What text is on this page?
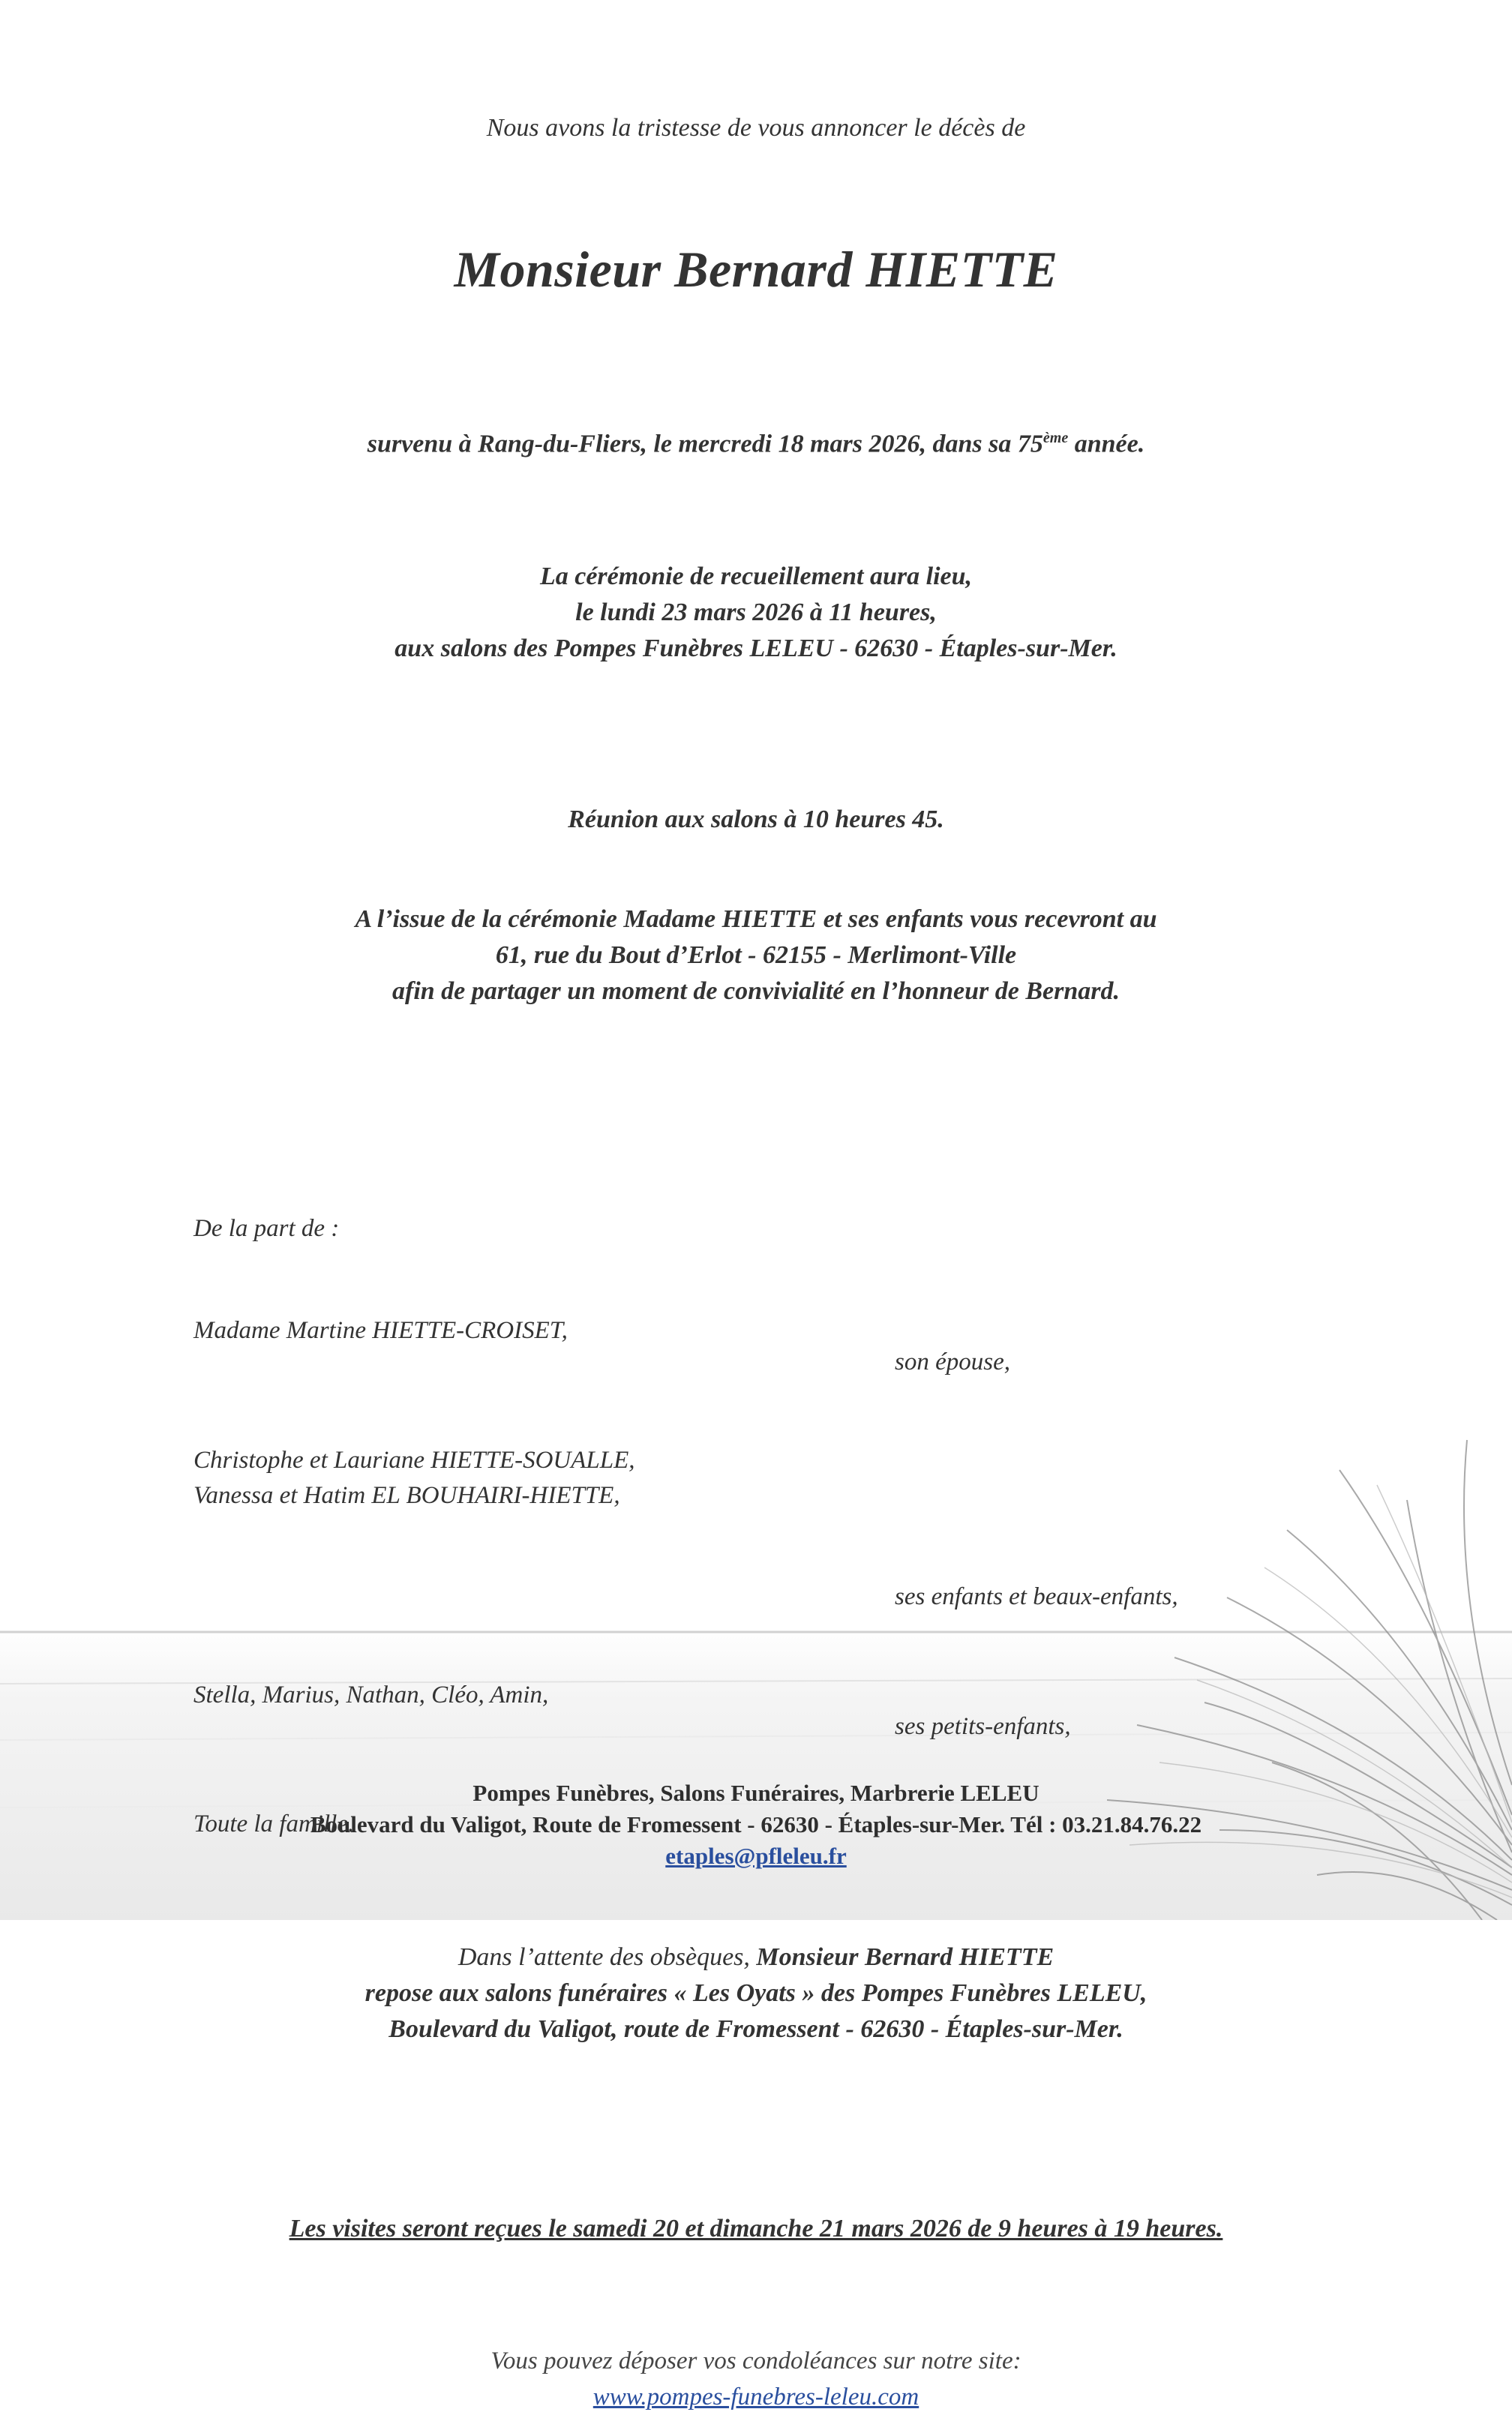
Nous avons la tristesse de vous annoncer le décès de
Monsieur Bernard HIETTE
survenu à Rang-du-Fliers, le mercredi 18 mars 2026, dans sa 75ème année.
La cérémonie de recueillement aura lieu,
le lundi 23 mars 2026 à 11 heures,
aux salons des Pompes Funèbres LELEU - 62630 - Étaples-sur-Mer.
Réunion aux salons à 10 heures 45.
A l’issue de la cérémonie Madame HIETTE et ses enfants vous recevront au
61, rue du Bout d’Erlot - 62155 - Merlimont-Ville
afin de partager un moment de convivialité en l’honneur de Bernard.
De la part de :
Madame Martine HIETTE-CROISET,
son épouse,
Christophe et Lauriane HIETTE-SOUALLE,
Vanessa et Hatim EL BOUHAIRI-HIETTE,
ses enfants et beaux-enfants,
Stella, Marius, Nathan, Cléo, Amin,
ses petits-enfants,
Toute la famille.
Dans l’attente des obsèques, Monsieur Bernard HIETTE
repose aux salons funéraires « Les Oyats » des Pompes Funèbres LELEU,
Boulevard du Valigot, route de Fromessent - 62630 - Étaples-sur-Mer.
Les visites seront reçues le samedi 20 et dimanche 21 mars 2026 de 9 heures à 19 heures.
Vous pouvez déposer vos condoléances sur notre site:
www.pompes-funebres-leleu.com
Pompes Funèbres, Salons Funéraires, Marbrerie LELEU
Boulevard du Valigot, Route de Fromessent - 62630 - Étaples-sur-Mer. Tél : 03.21.84.76.22
etaples@pfleleu.fr
